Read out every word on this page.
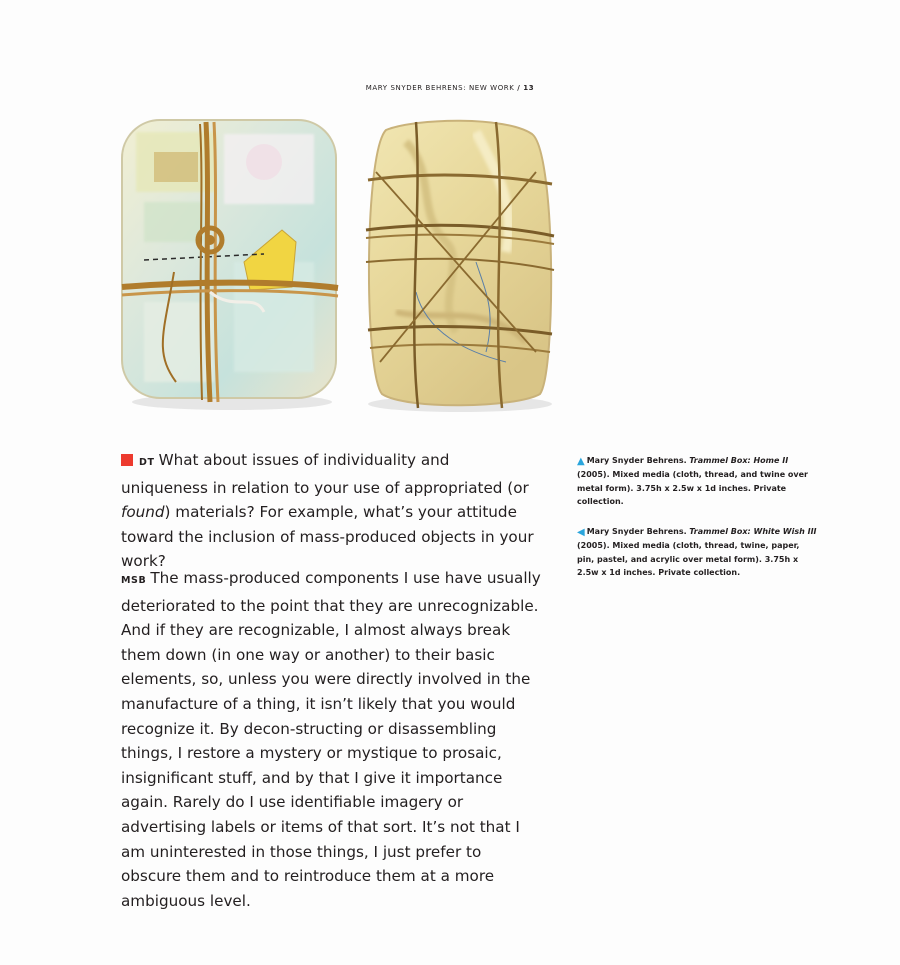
MARY SNYDER BEHRENS: NEW WORK / 13
DT What about issues of individuality and uniqueness in relation to your use of appropriated (or found) materials? For example, what’s your attitude toward the inclusion of mass-produced objects in your work?
MSB The mass-produced components I use have usually deteriorated to the point that they are unrecognizable. And if they are recognizable, I almost always break them down (in one way or another) to their basic elements, so, unless you were directly involved in the manufacture of a thing, it isn’t likely that you would recognize it. By decon-structing or disassembling things, I restore a mystery or mystique to prosaic, insignificant stuff, and by that I give it importance again. Rarely do I use identifiable imagery or advertising labels or items of that sort. It’s not that I am uninterested in those things, I just prefer to obscure them and to reintroduce them at a more ambiguous level.
▲ Mary Snyder Behrens. Trammel Box: Home II (2005). Mixed media (cloth, thread, and twine over metal form). 3.75h x 2.5w x 1d inches. Private collection.
◀ Mary Snyder Behrens. Trammel Box: White Wish III (2005). Mixed media (cloth, thread, twine, paper, pin, pastel, and acrylic over metal form). 3.75h x 2.5w x 1d inches. Private collection.
